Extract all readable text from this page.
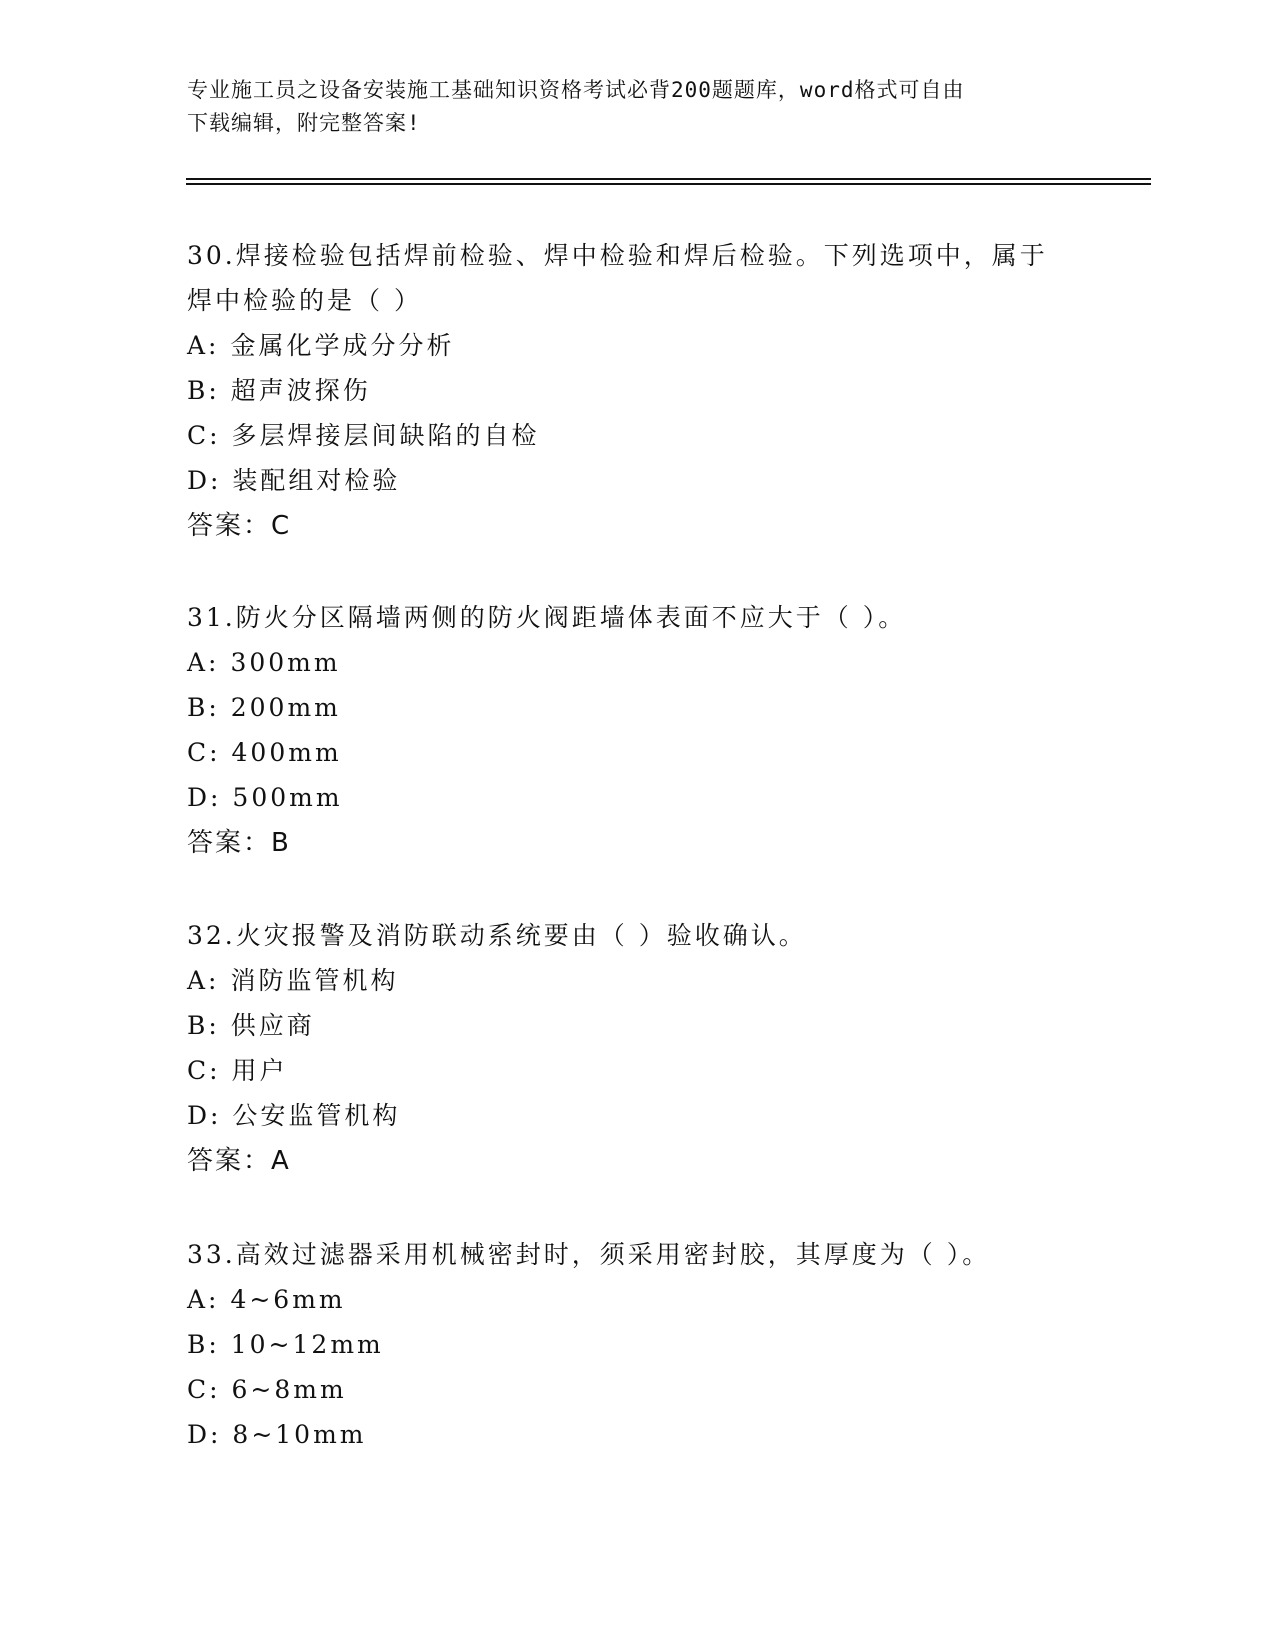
专业施工员之设备安装施工基础知识资格考试必背200题题库，word格式可自由
下载编辑，附完整答案!

30.焊接检验包括焊前检验、焊中检验和焊后检验。下列选项中，属于
焊中检验的是（ ）

A: 金属化学成分分析

B: 超声波探伤

C: 多层焊接层间缺陷的自检

D: 装配组对检验

答案：C

31.防火分区隔墙两侧的防火阀距墙体表面不应大于（ ）。

A: 300mm

B: 200mm

C: 400mm

D: 500mm

答案：B

32.火灾报警及消防联动系统要由（ ）验收确认。

A: 消防监管机构

B: 供应商

C: 用户

D: 公安监管机构

答案：A

33.高效过滤器采用机械密封时，须采用密封胶，其厚度为（ ）。

A: 4~6mm

B: 10~12mm

C: 6~8mm

D: 8~10mm
